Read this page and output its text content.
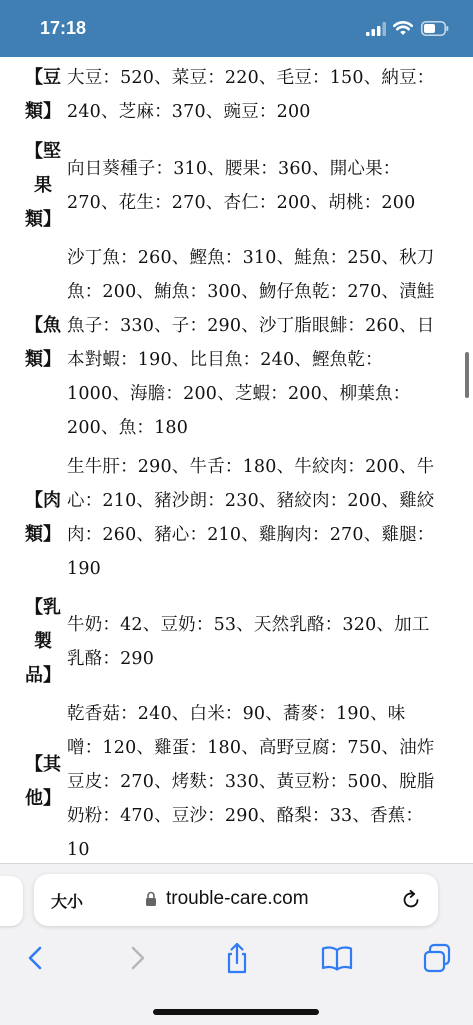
17:18
【豆
類】
大豆：520、菜豆：220、毛豆：150、納豆：240、芝麻：370、豌豆：200
【堅
果
類】
向日葵種子：310、腰果：360、開心果：270、花生：270、杏仁：200、胡桃：200
【魚
類】
沙丁魚：260、鰹魚：310、鮭魚：250、秋刀魚：200、鮪魚：300、魩仔魚乾：270、漬鮭魚子：330、子：290、沙丁脂眼鯡：260、日本對蝦：190、比目魚：240、鰹魚乾：1000、海膽：200、芝蝦：200、柳葉魚：200、魚：180
【肉
類】
生牛肝：290、牛舌：180、牛絞肉：200、牛心：210、豬沙朗：230、豬絞肉：200、雞絞肉：260、豬心：210、雞胸肉：270、雞腿：190
【乳
製
品】
牛奶：42、豆奶：53、天然乳酪：320、加工乳酪：290
【其
他】
乾香菇：240、白米：90、蕎麥：190、味噌：120、雞蛋：180、高野豆腐：750、油炸豆皮：270、烤麩：330、黃豆粉：500、脫脂奶粉：470、豆沙：290、酪梨：33、香蕉：10
大小	trouble-care.com
